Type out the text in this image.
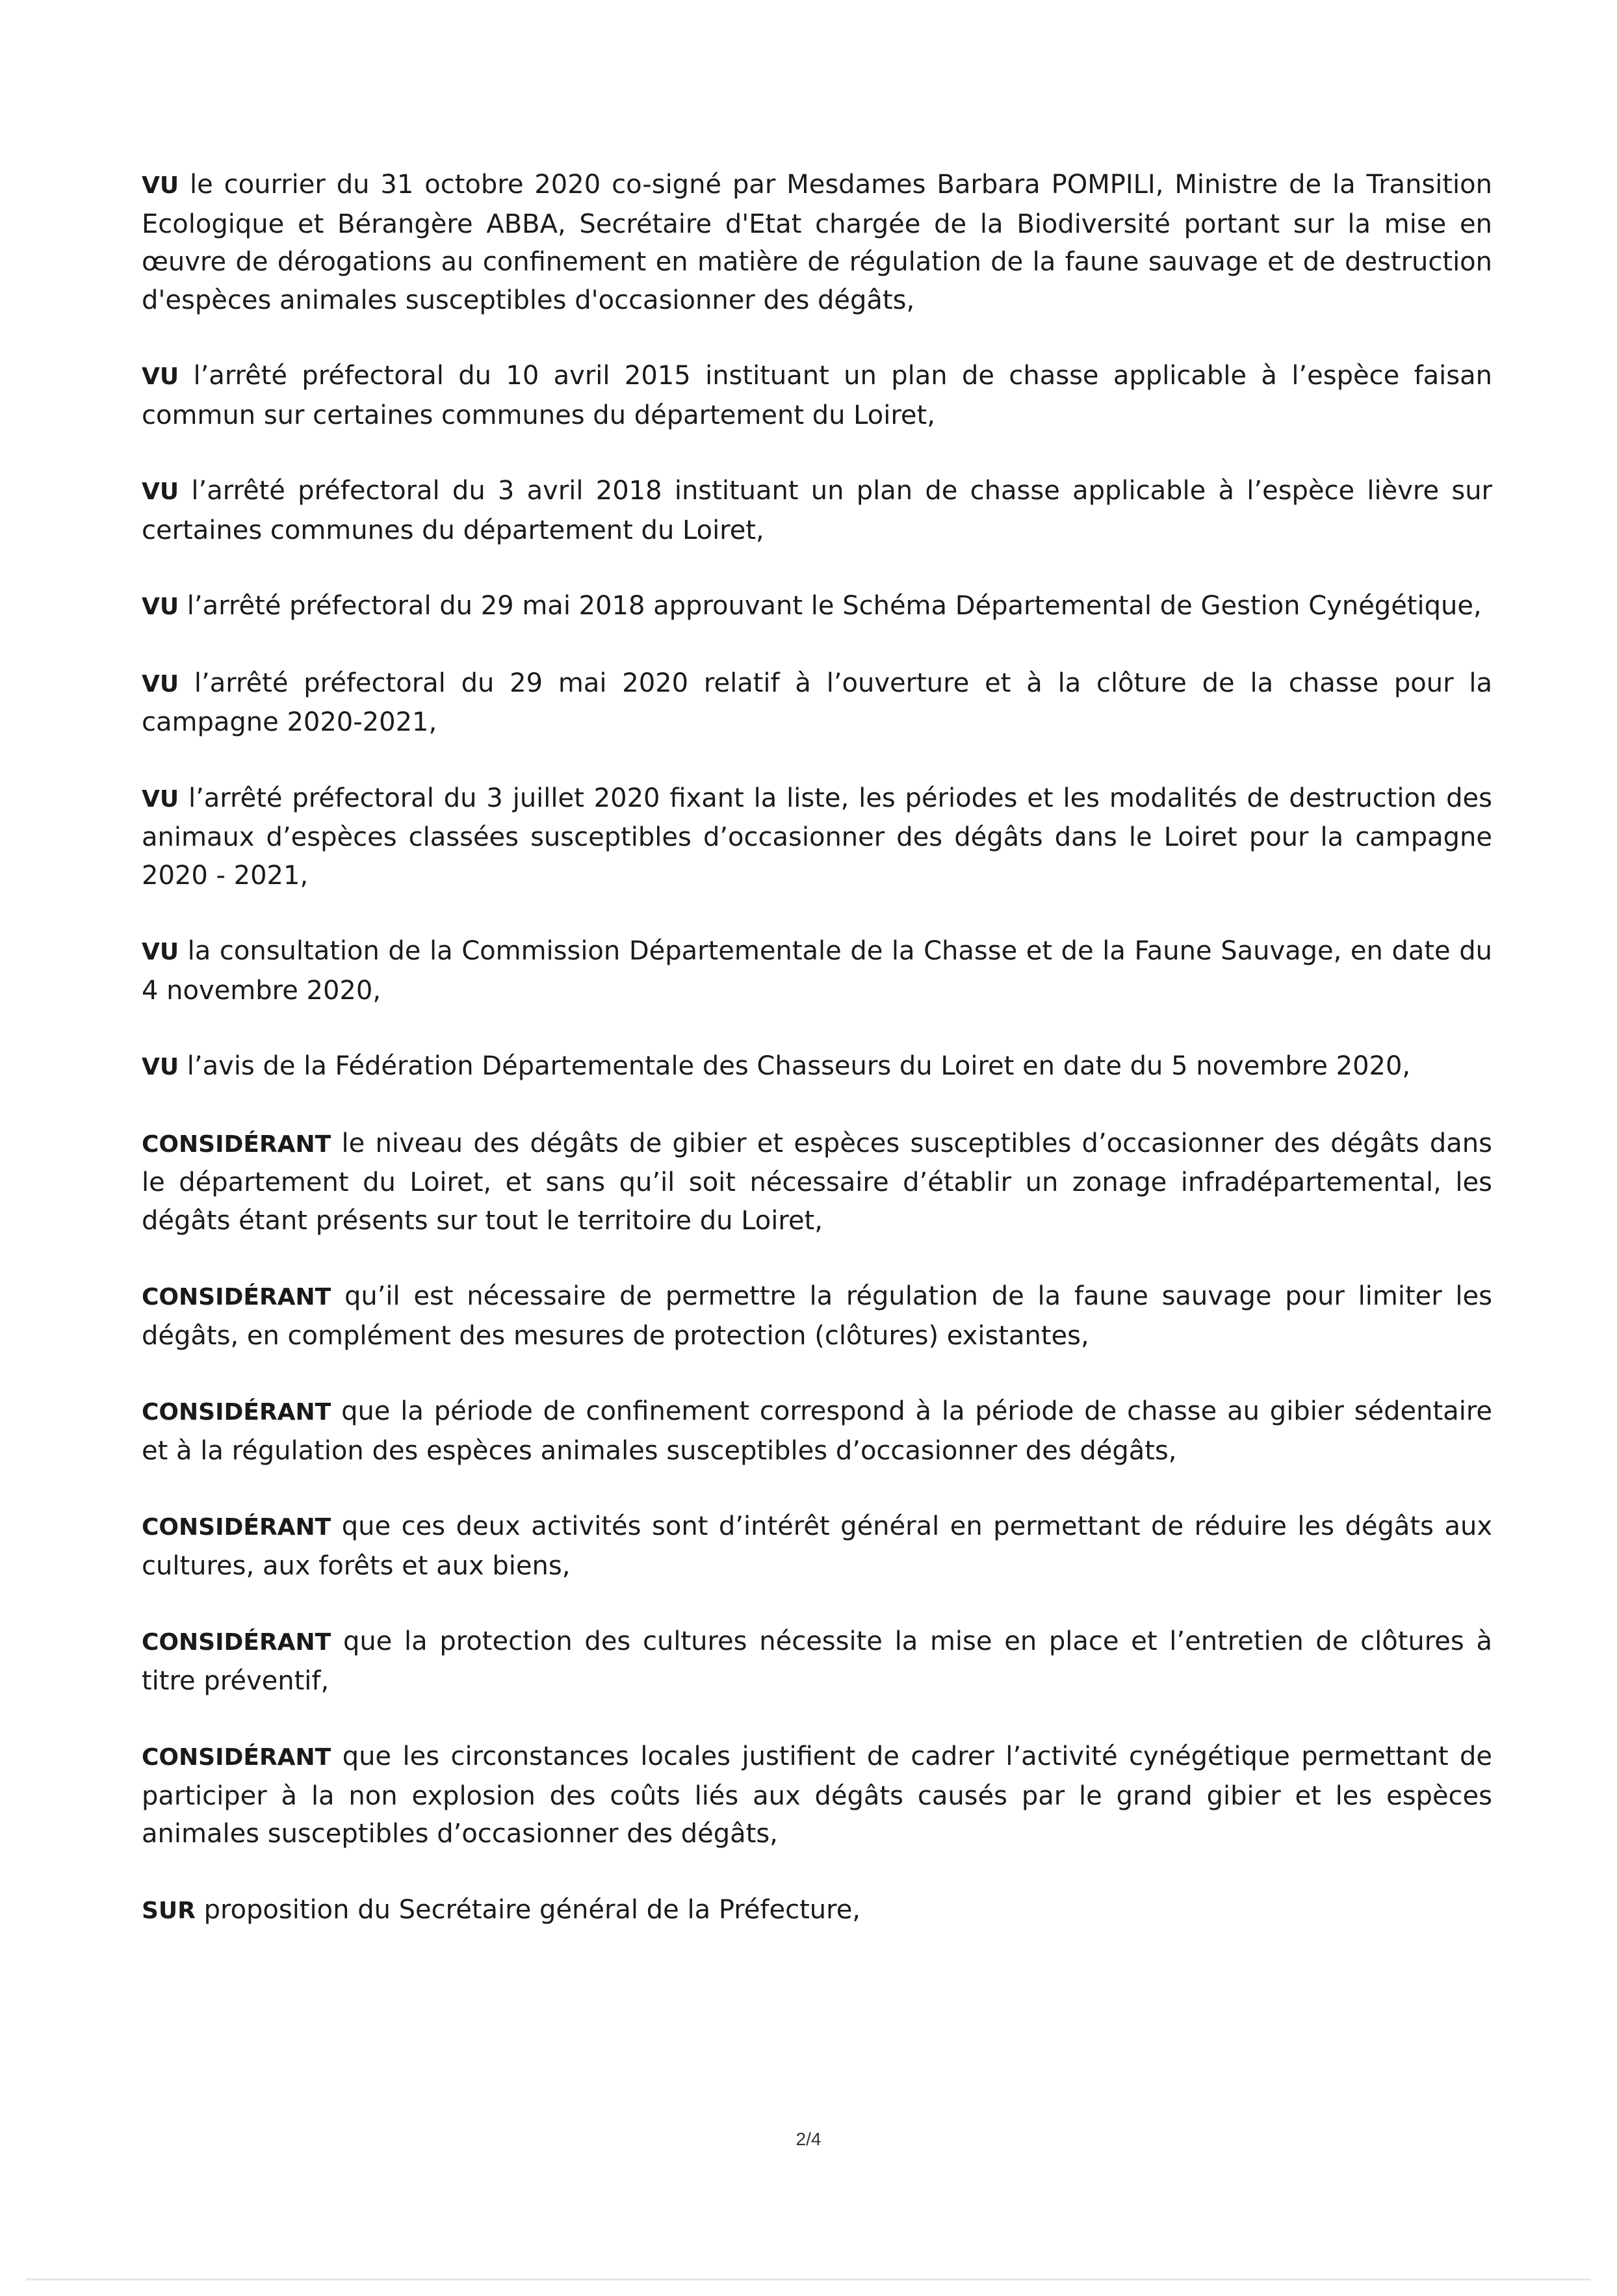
VU le courrier du 31 octobre 2020 co-signé par Mesdames Barbara POMPILI, Ministre de la Transition Ecologique et Bérangère ABBA, Secrétaire d'Etat chargée de la Biodiversité portant sur la mise en œuvre de dérogations au confinement en matière de régulation de la faune sauvage et de destruction d'espèces animales susceptibles d'occasionner des dégâts,

VU l’arrêté préfectoral du 10 avril 2015 instituant un plan de chasse applicable à l’espèce faisan commun sur certaines communes du département du Loiret,

VU l’arrêté préfectoral du 3 avril 2018 instituant un plan de chasse applicable à l’espèce lièvre sur certaines communes du département du Loiret,

VU l’arrêté préfectoral du 29 mai 2018 approuvant le Schéma Départemental de Gestion Cynégétique,

VU l’arrêté préfectoral du 29 mai 2020 relatif à l’ouverture et à la clôture de la chasse pour la campagne 2020-2021,

VU l’arrêté préfectoral du 3 juillet 2020 fixant la liste, les périodes et les modalités de destruction des animaux d’espèces classées susceptibles d’occasionner des dégâts dans le Loiret pour la campagne 2020 - 2021,

VU la consultation de la Commission Départementale de la Chasse et de la Faune Sauvage, en date du 4 novembre 2020,

VU l’avis de la Fédération Départementale des Chasseurs du Loiret en date du 5 novembre 2020,

CONSIDÉRANT le niveau des dégâts de gibier et espèces susceptibles d’occasionner des dégâts dans le département du Loiret, et sans qu’il soit nécessaire d’établir un zonage infradépartemental, les dégâts étant présents sur tout le territoire du Loiret,

CONSIDÉRANT qu’il est nécessaire de permettre la régulation de la faune sauvage pour limiter les dégâts, en complément des mesures de protection (clôtures) existantes,

CONSIDÉRANT que la période de confinement correspond à la période de chasse au gibier sédentaire et à la régulation des espèces animales susceptibles d’occasionner des dégâts,

CONSIDÉRANT que ces deux activités sont d’intérêt général en permettant de réduire les dégâts aux cultures, aux forêts et aux biens,

CONSIDÉRANT que la protection des cultures nécessite la mise en place et l’entretien de clôtures à titre préventif,

CONSIDÉRANT que les circonstances locales justifient de cadrer l’activité cynégétique permettant de participer à la non explosion des coûts liés aux dégâts causés par le grand gibier et les espèces animales susceptibles d’occasionner des dégâts,

SUR proposition du Secrétaire général de la Préfecture,

2/4
